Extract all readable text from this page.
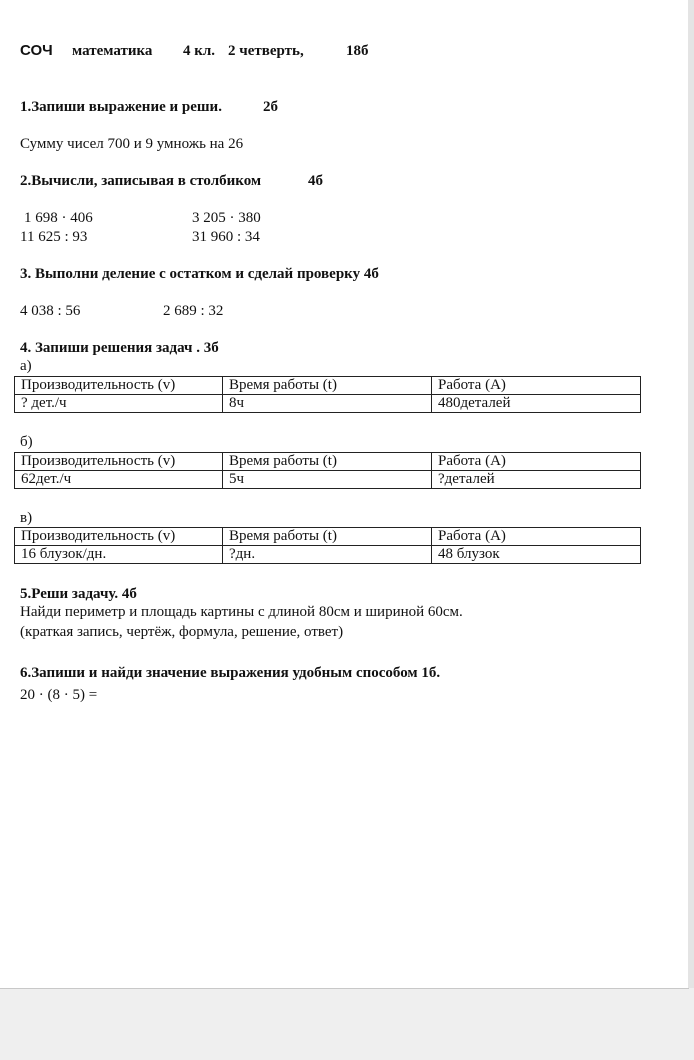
СОЧ математика 4 кл. 2 четверть,	18б
1.Запиши выражение и реши.	2б
Сумму чисел 700 и 9 умножь на 26
2.Вычисли, записывая в столбиком	4б
1 698 · 406	3 205 · 380
11 625 : 93	31 960 : 34
3. Выполни деление с остатком и сделай проверку 4б
4 038 : 56	2 689 : 32
4. Запиши решения задач . 3б
а)
Производительность (v)	Время работы (t)	Работа (А)
? дет./ч	8ч	480деталей
б)
Производительность (v)	Время работы (t)	Работа (А)
62дет./ч	5ч	?деталей
в)
Производительность (v)	Время работы (t)	Работа (А)
16 блузок/дн.	?дн.	48 блузок
5.Реши задачу. 4б
Найди периметр и площадь картины с длиной 80см и шириной 60см.
(краткая запись, чертёж, формула, решение, ответ)
6.Запиши и найди значение выражения удобным способом 1б.
20 · (8 · 5) =
